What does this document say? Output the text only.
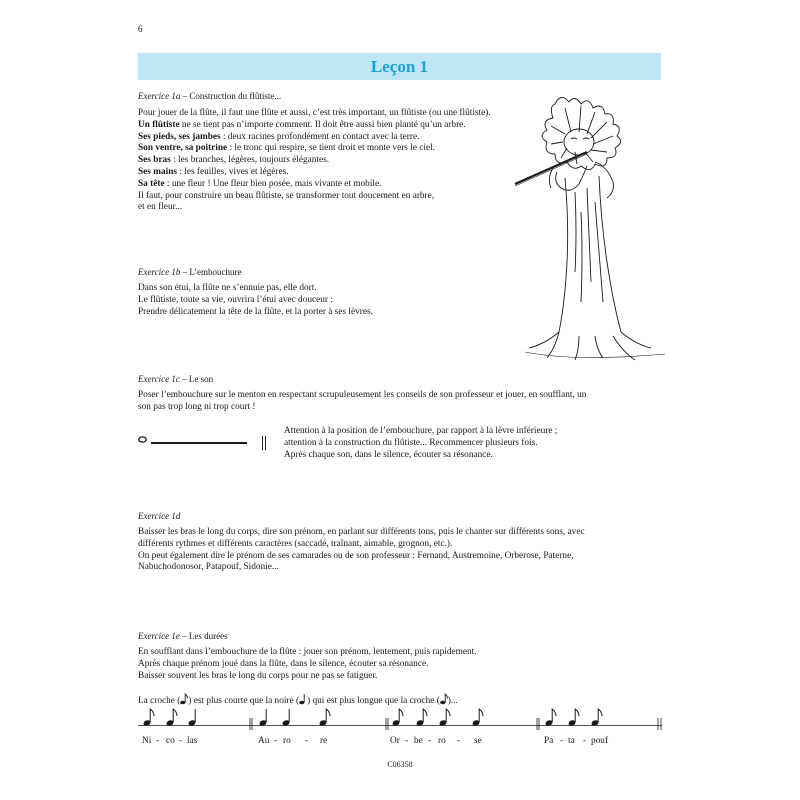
6
Leçon 1
Exercice 1a – Construction du flûtiste...
Pour jouer de la flûte, il faut une flûte et aussi, c’est très important, un flûtiste (ou une flûtiste).
Un flûtiste ne se tient pas n’importe comment. Il doit être aussi bien planté qu’un arbre.
Ses pieds, ses jambes : deux racines profondément en contact avec la terre.
Son ventre, sa poitrine : le tronc qui respire, se tient droit et monte vers le ciel.
Ses bras : les branches, légères, toujours élégantes.
Ses mains : les feuilles, vives et légères.
Sa tête : une fleur ! Une fleur bien posée, mais vivante et mobile.
Il faut, pour construire un beau flûtiste, se transformer tout doucement en arbre,
et en fleur...
Exercice 1b – L’embouchure
Dans son étui, la flûte ne s’ennuie pas, elle dort.
Le flûtiste, toute sa vie, ouvrira l’étui avec douceur :
Prendre délicatement la tête de la flûte, et la porter à ses lèvres.
Exercice 1c – Le son
Poser l’embouchure sur le menton en respectant scrupuleusement les conseils de son professeur et jouer, en soufflant, un
son pas trop long ni trop court !
Attention à la position de l’embouchure, par rapport à la lèvre inférieure ;
attention à la construction du flûtiste... Recommencer plusieurs fois.
Après chaque son, dans le silence, écouter sa résonance.
Exercice 1d
Baisser les bras le long du corps, dire son prénom, en parlant sur différents tons, puis le chanter sur différents sons, avec
différents rythmes et différents caractères (saccadé, traînant, aimable, grognon, etc.).
On peut également dire le prénom de ses camarades ou de son professeur : Fernand, Austremoine, Orberose, Paterne,
Nabuchodonosor, Patapouf, Sidonie...
Exercice 1e – Les durées
En soufflant dans l’embouchure de la flûte : jouer son prénom, lentement, puis rapidement.
Après chaque prénom joué dans la flûte, dans le silence, écouter sa résonance.
Baisser souvent les bras le long du corps pour ne pas se fatiguer.
La croche ( ) est plus courte que la noire ( ) qui est plus longue que la croche ( )...
Ni - co - las	Au - ro - re	Or - be - ro - se	Pa - ta - pouf
C06358
